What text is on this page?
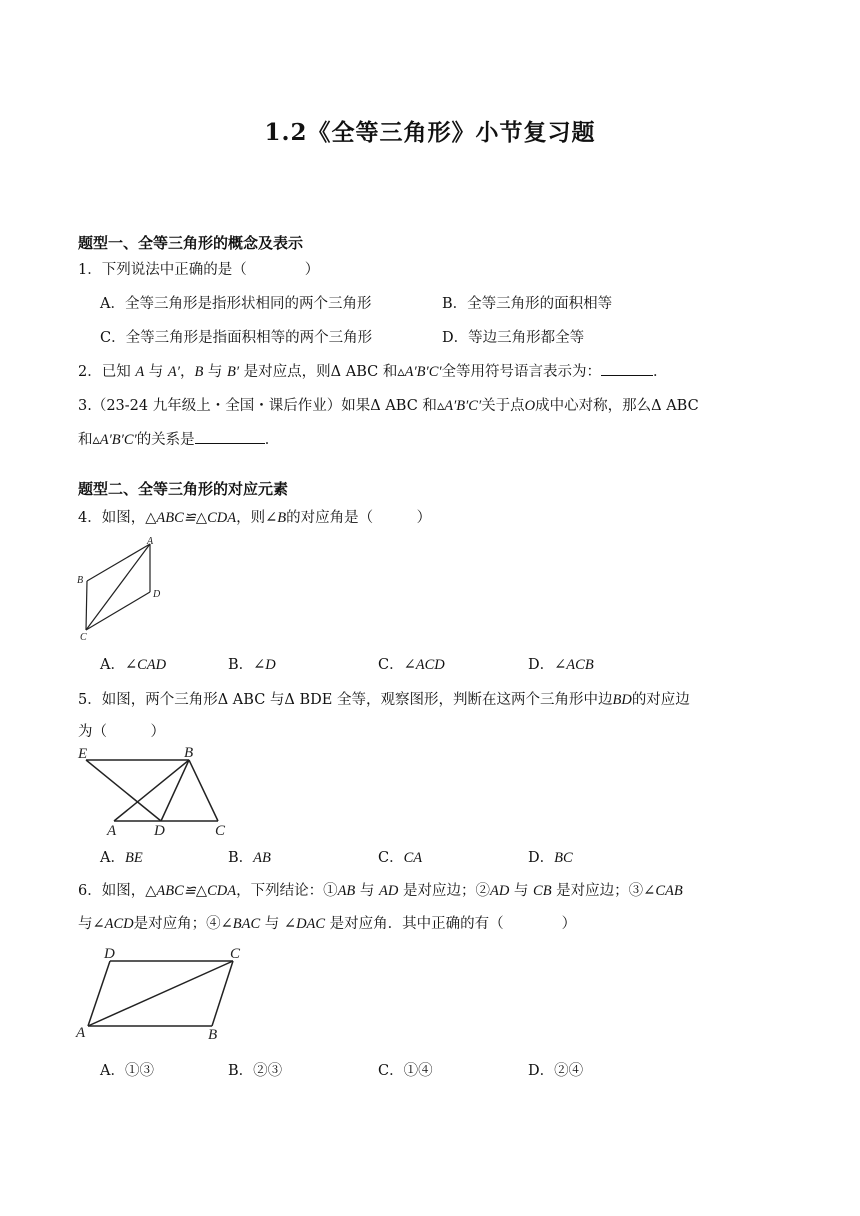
1.2《全等三角形》小节复习题
题型一、全等三角形的概念及表示
1．下列说法中正确的是（　　　　）
A．全等三角形是指形状相同的两个三角形	B．全等三角形的面积相等
C．全等三角形是指面积相等的两个三角形	D．等边三角形都全等
2．已知 A 与 A′，B 与 B′ 是对应点，则Δ ABC 和▵A′B′C′全等用符号语言表示为：	．
3.（23-24 九年级上・全国・课后作业）如果Δ ABC 和▵A′B′C′关于点O成中心对称，那么Δ ABC
和▵A′B′C′的关系是	．
题型二、全等三角形的对应元素
4．如图，△ABC≌△CDA，则∠B的对应角是（　　　）
A
B
C
D
A．∠CAD	B．∠D	C．∠ACD	D．∠ACB
5．如图，两个三角形Δ ABC 与Δ BDE 全等，观察图形，判断在这两个三角形中边BD的对应边
为（　　　）
E	B
A	D	C
A．BE	B．AB	C．CA	D．BC
6．如图，△ABC≌△CDA，下列结论：①AB 与 AD 是对应边；②AD 与 CB 是对应边；③∠CAB
与∠ACD是对应角；④∠BAC 与 ∠DAC 是对应角．其中正确的有（　　　　）
D	C
A	B
A．①③	B．②③	C．①④	D．②④
